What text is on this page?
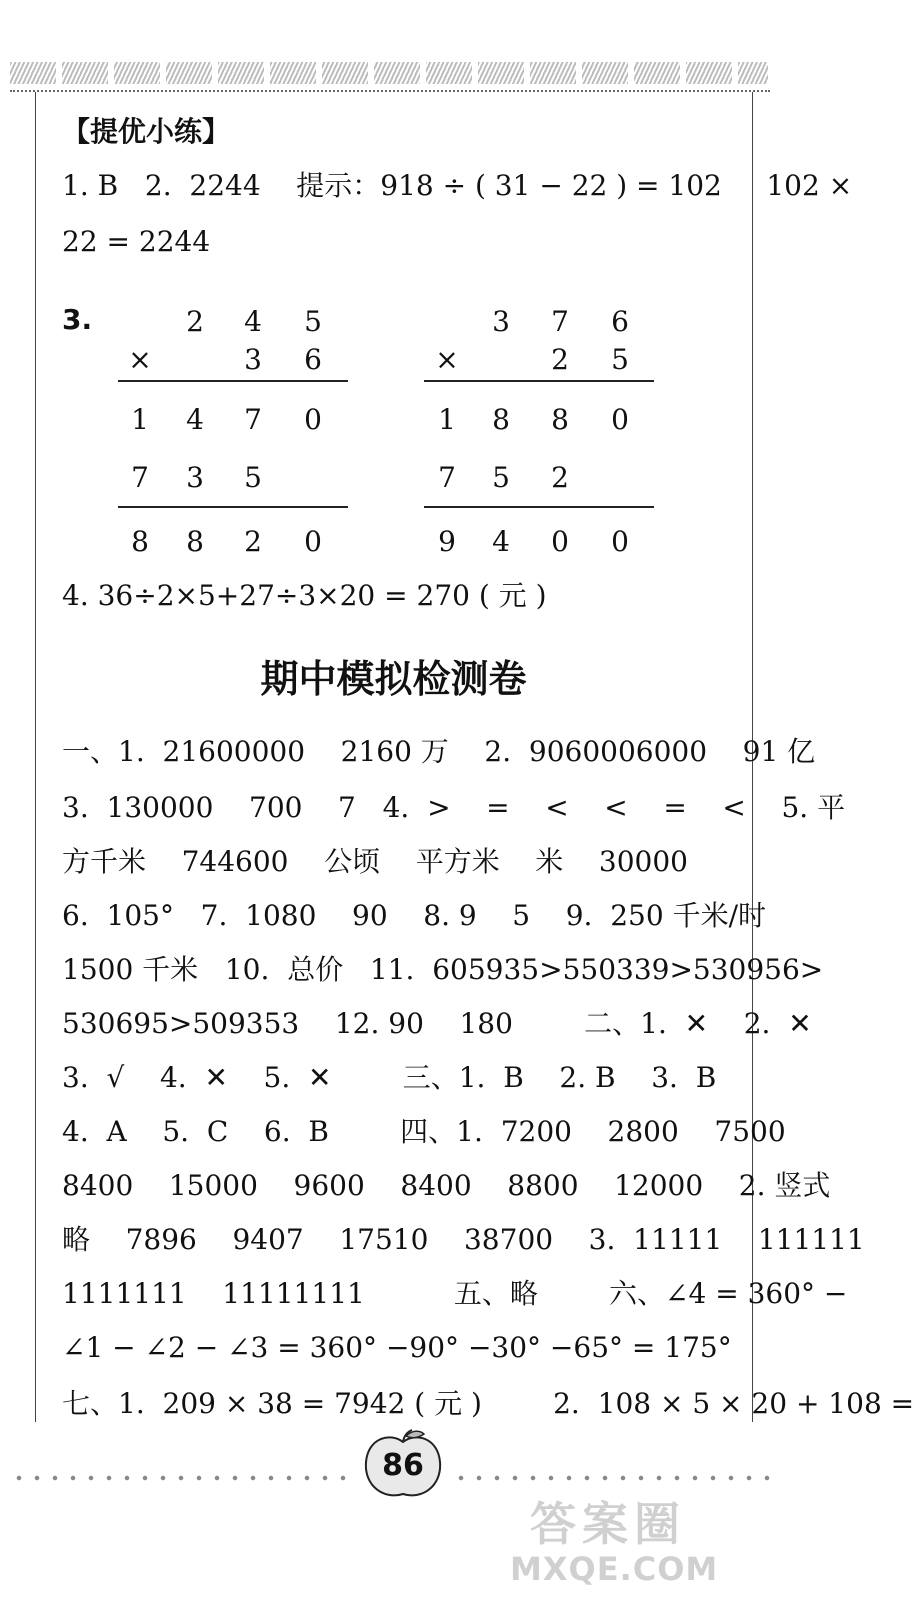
【提优小练】
1. B   2.  2244    提示：918 ÷ ( 31 − 22 ) = 102     102 ×
22 = 2244
3.	2 4 5
×	3 6
1 4 7 0
7 3 5
8 8 2 0
3 7 6
×	2 5
1 8 8 0
7 5 2
9 4 0 0
4. 36÷2×5+27÷3×20 = 270 ( 元 )
期中模拟检测卷
一、1.  21600000    2160 万    2.  9060006000    91 亿
3.  130000    700    7   4.  >    =    <    <    =    <    5. 平
方千米    744600    公顷    平方米    米    30000
6.  105°   7.  1080    90    8. 9    5    9.  250 千米/时
1500 千米   10.  总价   11.  605935>550339>530956>
530695>509353    12. 90    180        二、1.  ✕    2.  ✕
3.  √    4.  ✕    5.  ✕        三、1.  B    2. B    3.  B
4.  A    5.  C    6.  B        四、1.  7200    2800    7500
8400    15000    9600    8400    8800    12000    2. 竖式
略    7896    9407    17510    38700    3.  11111    111111
1111111    11111111          五、略        六、∠4 = 360° −
∠1 − ∠2 − ∠3 = 360° −90° −30° −65° = 175°
七、1.  209 × 38 = 7942 ( 元 )        2.  108 × 5 × 20 + 108 =
86
答案圈
MXQE.COM
